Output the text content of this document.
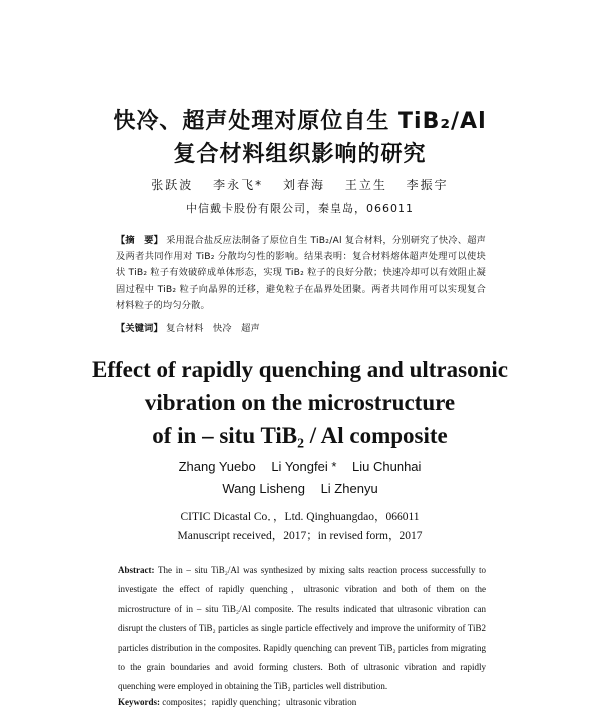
快冷、超声处理对原位自生 TiB₂/Al
复合材料组织影响的研究
张跃波 李永飞* 刘春海 王立生 李振宇
中信戴卡股份有限公司，秦皇岛，066011
【摘　要】 采用混合盐反应法制备了原位自生 TiB₂/Al 复合材料，分别研究了快冷、超声及两者共同作用对 TiB₂ 分散均匀性的影响。结果表明：复合材料熔体超声处理可以使块状 TiB₂ 粒子有效破碎成单体形态，实现 TiB₂ 粒子的良好分散；快速冷却可以有效阻止凝固过程中 TiB₂ 粒子向晶界的迁移，避免粒子在晶界处团聚。两者共同作用可以实现复合材料粒子的均匀分散。
【关键词】 复合材料　快冷　超声
Effect of rapidly quenching and ultrasonic
vibration on the microstructure
of in – situ TiB₂ / Al composite
Zhang Yuebo Li Yongfei * Liu Chunhai
Wang Lisheng Li Zhenyu
CITIC Dicastal Co．，Ltd. Qinghuangdao，066011
Manuscript received，2017；in revised form，2017
Abstract: The in – situ TiB₂/Al was synthesized by mixing salts reaction process successfully to investigate the effect of rapidly quenching，ultrasonic vibration and both of them on the microstructure of in – situ TiB₂/Al composite. The results indicated that ultrasonic vibration can disrupt the clusters of TiB₂ particles as single particle effectively and improve the uniformity of TiB2 particles distribution in the composites. Rapidly quenching can prevent TiB₂ particles from migrating to the grain boundaries and avoid forming clusters. Both of ultrasonic vibration and rapidly quenching were employed in obtaining the TiB₂ particles well distribution.
Keywords: composites；rapidly quenching；ultrasonic vibration
